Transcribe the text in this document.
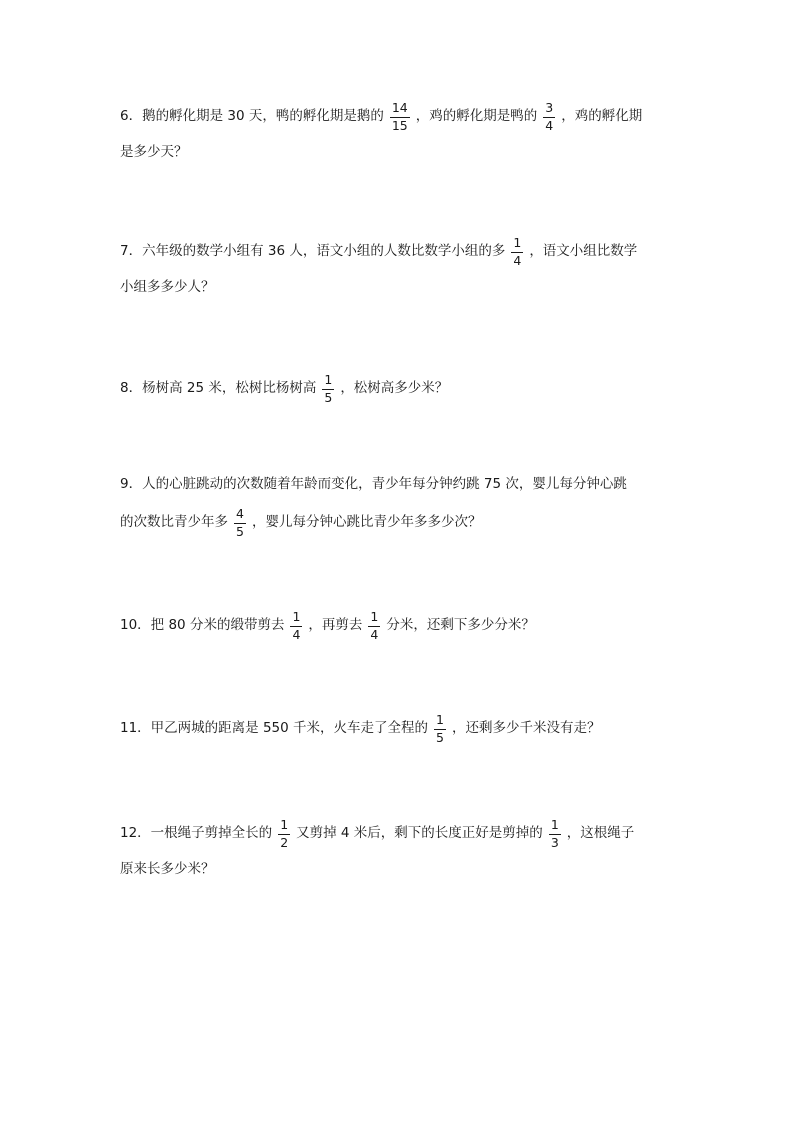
6．鹅的孵化期是 30 天，鸭的孵化期是鹅的 $\frac{14}{15}$ ，鸡的孵化期是鸭的 $\frac{3}{4}$ ，鸡的孵化期
是多少天？
7．六年级的数学小组有 36 人，语文小组的人数比数学小组的多 $\frac{1}{4}$ ，语文小组比数学
小组多多少人？
8．杨树高 25 米，松树比杨树高 $\frac{1}{5}$ ，松树高多少米？
9．人的心脏跳动的次数随着年龄而变化，青少年每分钟约跳 75 次，婴儿每分钟心跳
的次数比青少年多 $\frac{4}{5}$ ，婴儿每分钟心跳比青少年多多少次？
10．把 80 分米的缎带剪去 $\frac{1}{4}$ ，再剪去 $\frac{1}{4}$ 分米，还剩下多少分米？
11．甲乙两城的距离是 550 千米，火车走了全程的 $\frac{1}{5}$ ，还剩多少千米没有走？
12．一根绳子剪掉全长的 $\frac{1}{2}$ 又剪掉 4 米后，剩下的长度正好是剪掉的 $\frac{1}{3}$ ，这根绳子
原来长多少米？
